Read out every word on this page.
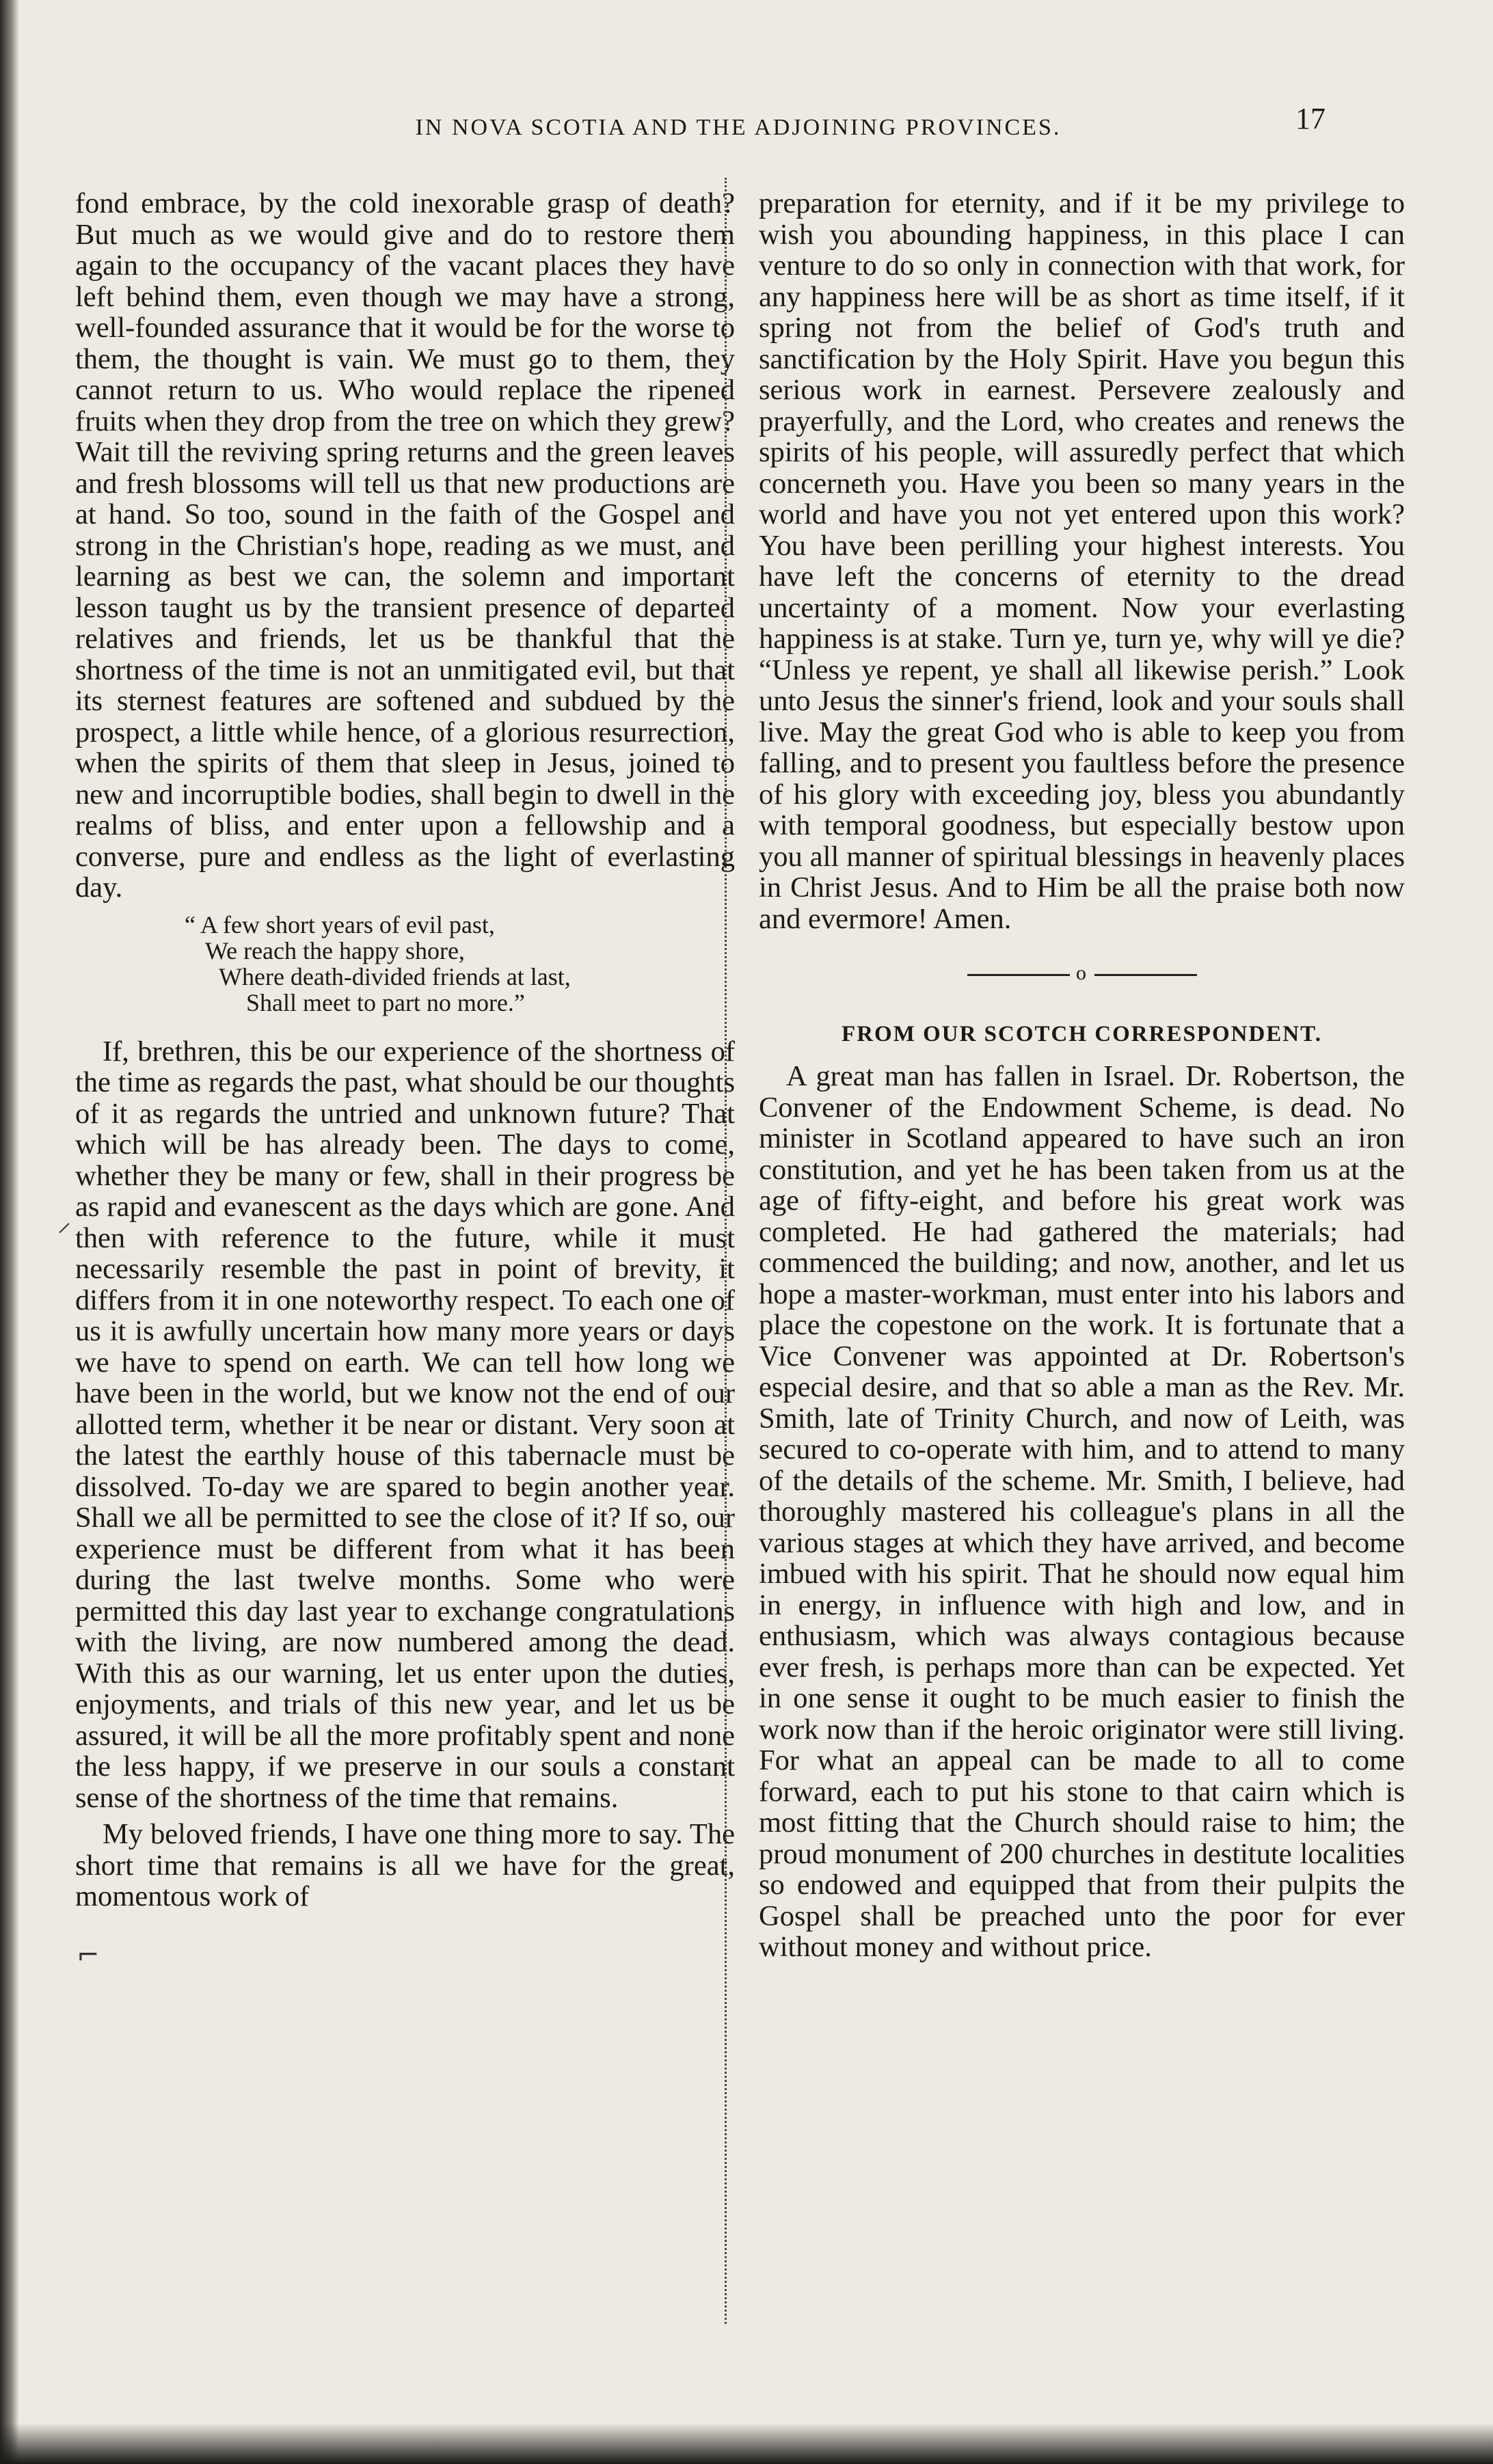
IN NOVA SCOTIA AND THE ADJOINING PROVINCES.	17

fond embrace, by the cold inexorable grasp of death? But much as we would give and do to restore them again to the occupancy of the vacant places they have left behind them, even though we may have a strong, well-founded assurance that it would be for the worse to them, the thought is vain. We must go to them, they cannot return to us. Who would replace the ripened fruits when they drop from the tree on which they grew? Wait till the reviving spring returns and the green leaves and fresh blossoms will tell us that new productions are at hand. So too, sound in the faith of the Gospel and strong in the Christian's hope, reading as we must, and learning as best we can, the solemn and important lesson taught us by the transient presence of departed relatives and friends, let us be thankful that the shortness of the time is not an unmitigated evil, but that its sternest features are softened and subdued by the prospect, a little while hence, of a glorious resurrection, when the spirits of them that sleep in Jesus, joined to new and incorruptible bodies, shall begin to dwell in the realms of bliss, and enter upon a fellowship and a converse, pure and endless as the light of everlasting day.

“ A few short years of evil past,
We reach the happy shore,
Where death-divided friends at last,
Shall meet to part no more.”

If, brethren, this be our experience of the shortness of the time as regards the past, what should be our thoughts of it as regards the untried and unknown future? That which will be has already been. The days to come, whether they be many or few, shall in their progress be as rapid and evanescent as the days which are gone. And then with reference to the future, while it must necessarily resemble the past in point of brevity, it differs from it in one noteworthy respect. To each one of us it is awfully uncertain how many more years or days we have to spend on earth. We can tell how long we have been in the world, but we know not the end of our allotted term, whether it be near or distant. Very soon at the latest the earthly house of this tabernacle must be dissolved. To-day we are spared to begin another year. Shall we all be permitted to see the close of it? If so, our experience must be different from what it has been during the last twelve months. Some who were permitted this day last year to exchange congratulations with the living, are now numbered among the dead. With this as our warning, let us enter upon the duties, enjoyments, and trials of this new year, and let us be assured, it will be all the more profitably spent and none the less happy, if we preserve in our souls a constant sense of the shortness of the time that remains.

My beloved friends, I have one thing more to say. The short time that remains is all we have for the great, momentous work of

preparation for eternity, and if it be my privilege to wish you abounding happiness, in this place I can venture to do so only in connection with that work, for any happiness here will be as short as time itself, if it spring not from the belief of God's truth and sanctification by the Holy Spirit. Have you begun this serious work in earnest. Persevere zealously and prayerfully, and the Lord, who creates and renews the spirits of his people, will assuredly perfect that which concerneth you. Have you been so many years in the world and have you not yet entered upon this work? You have been perilling your highest interests. You have left the concerns of eternity to the dread uncertainty of a moment. Now your everlasting happiness is at stake. Turn ye, turn ye, why will ye die? “Unless ye repent, ye shall all likewise perish.” Look unto Jesus the sinner's friend, look and your souls shall live. May the great God who is able to keep you from falling, and to present you faultless before the presence of his glory with exceeding joy, bless you abundantly with temporal goodness, but especially bestow upon you all manner of spiritual blessings in heavenly places in Christ Jesus. And to Him be all the praise both now and evermore! Amen.

o
FROM OUR SCOTCH CORRESPONDENT.

A great man has fallen in Israel. Dr. Robertson, the Convener of the Endowment Scheme, is dead. No minister in Scotland appeared to have such an iron constitution, and yet he has been taken from us at the age of fifty-eight, and before his great work was completed. He had gathered the materials; had commenced the building; and now, another, and let us hope a master-workman, must enter into his labors and place the copestone on the work. It is fortunate that a Vice Convener was appointed at Dr. Robertson's especial desire, and that so able a man as the Rev. Mr. Smith, late of Trinity Church, and now of Leith, was secured to co-operate with him, and to attend to many of the details of the scheme. Mr. Smith, I believe, had thoroughly mastered his colleague's plans in all the various stages at which they have arrived, and become imbued with his spirit. That he should now equal him in energy, in influence with high and low, and in enthusiasm, which was always contagious because ever fresh, is perhaps more than can be expected. Yet in one sense it ought to be much easier to finish the work now than if the heroic originator were still living. For what an appeal can be made to all to come forward, each to put his stone to that cairn which is most fitting that the Church should raise to him; the proud monument of 200 churches in destitute localities so endowed and equipped that from their pulpits the Gospel shall be preached unto the poor for ever without money and without price.

⸝
⌐
